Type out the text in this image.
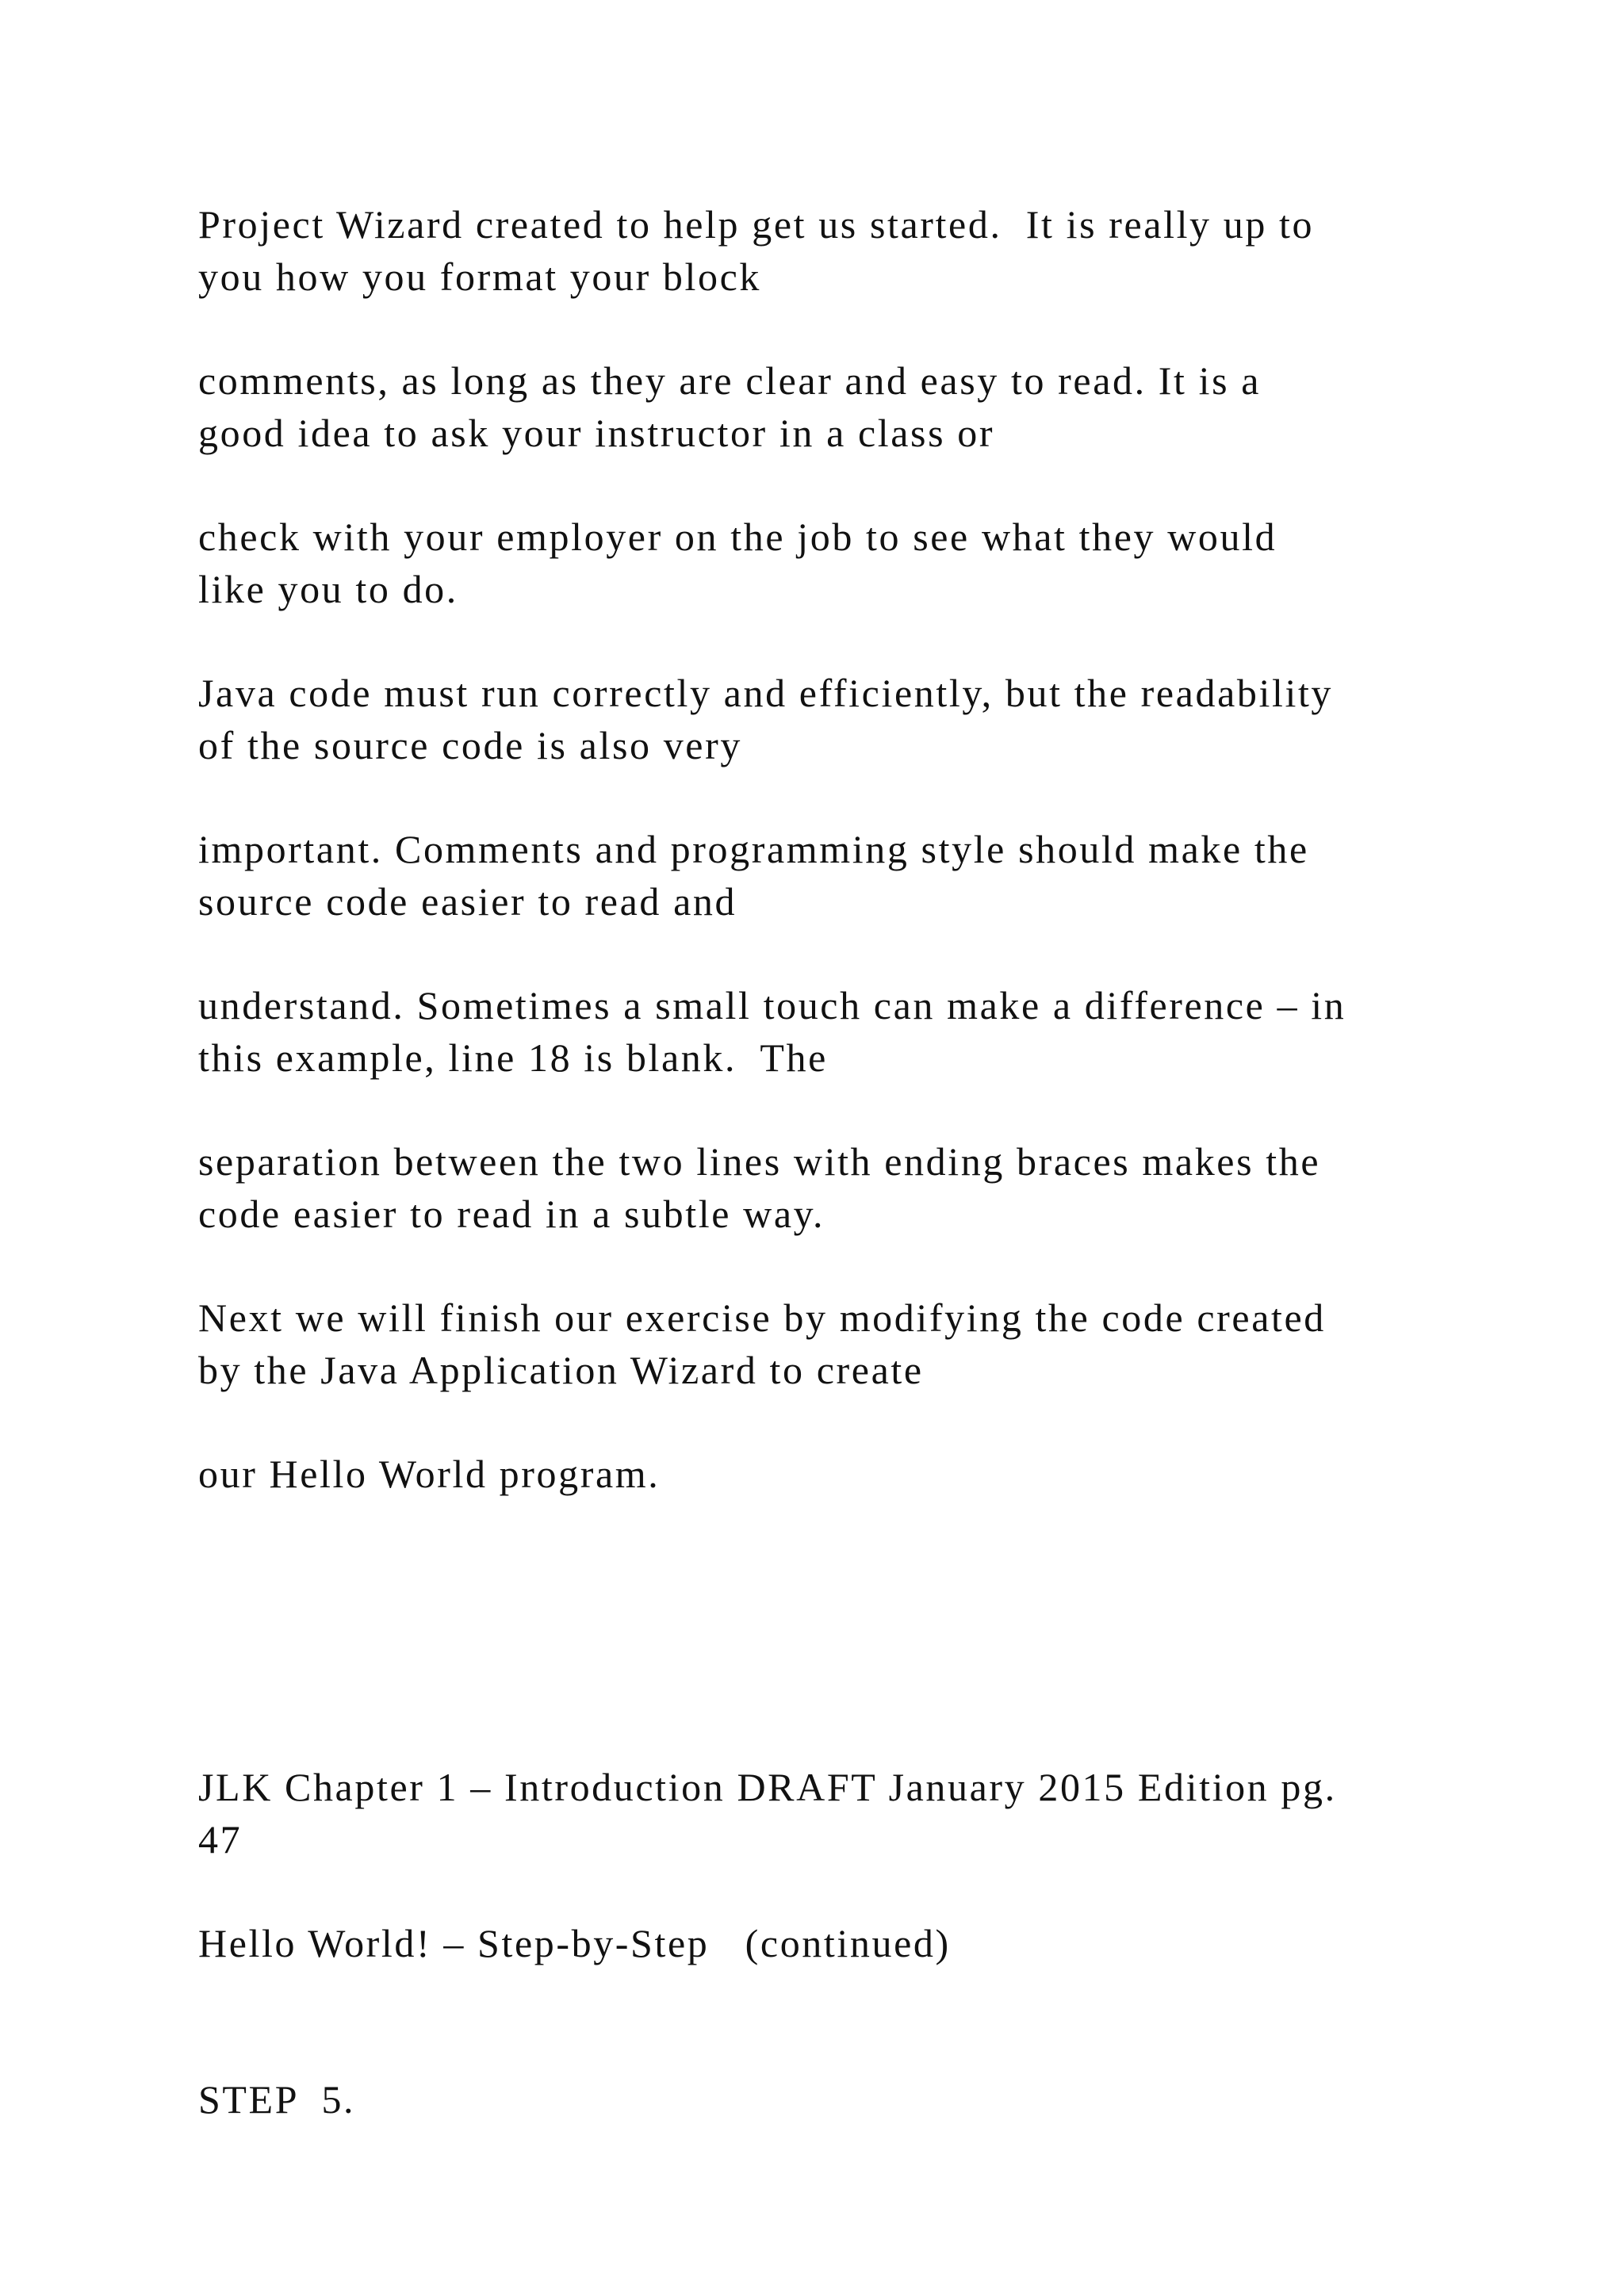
Project Wizard created to help get us started.  It is really up to
you how you format your block

comments, as long as they are clear and easy to read. It is a
good idea to ask your instructor in a class or

check with your employer on the job to see what they would
like you to do.

Java code must run correctly and efficiently, but the readability
of the source code is also very

important. Comments and programming style should make the
source code easier to read and

understand. Sometimes a small touch can make a difference – in
this example, line 18 is blank.  The

separation between the two lines with ending braces makes the
code easier to read in a subtle way.

Next we will finish our exercise by modifying the code created
by the Java Application Wizard to create

our Hello World program.

JLK Chapter 1 – Introduction DRAFT January 2015 Edition pg.
47

Hello World! – Step-by-Step   (continued)

STEP  5.
